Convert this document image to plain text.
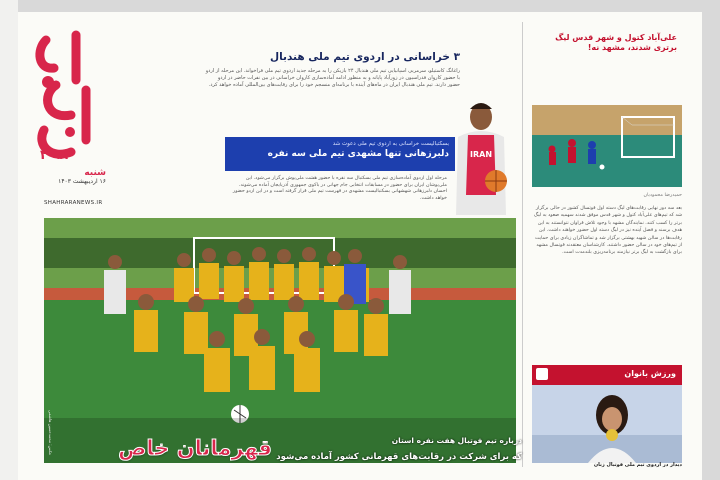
۲۰۵۳
شنبه
۱۶ اردیبهشت ۱۴۰۳
SHAHRARANEWS.IR
۳ خراسانی در اردوی تیم ملی هندبال
راغانگ کاستیلو، سرمربی اسپانیایی تیم ملی هندبال ۲۴ بازیکن را به مرحله جدید اردوی تیم ملی فراخواند. این مرحله از اردو با حضور کاروان فدراسیون در زورآباد پایانه و به منظور ادامه آماده‌سازی کاروان خراسانی در بین نفرات حاضر در اردو حضور دارند. تیم ملی هندبال ایران در ماه‌های آینده با برنامه‌ای منسجم خود را برای رقابت‌های بین‌المللی آماده خواهد کرد.
IRAN
بسکتبالیست خراسانی به اردوی تیم ملی دعوت شد
دلبرزهانی تنها مشهدی تیم ملی سه نفره
مرحله اول اردوی آماده‌سازی تیم ملی بسکتبال سه نفره با حضور هشت ملی‌پوش برگزار می‌شود. این ملی‌پوشان ایران برای حضور در مسابقات انتخابی جام جهانی در باکوی جمهوری آذربایجان آماده می‌شوند. احسان دلبرزهانی شهشهانی بسکتبالیست مشهدی در فهرست تیم ملی قرار گرفته است و در این اردو حضور خواهد داشت.
علی‌آباد کتول و شهر قدس لیگ برتری شدند، مشهد نه!
حمیدرضا محمودیان
بعد سه دور نهایی رقابت‌های لیگ دسته اول فوتسال کشور در حالی برگزار شد که تیم‌های علی‌آباد کتول و شهر قدس موفق شدند سهمیه صعود به لیگ برتر را کسب کنند. نمایندگان مشهد با وجود تلاش فراوان نتوانستند به این هدف برسند و فصل آینده نیز در لیگ دسته اول حضور خواهند داشت. این رقابت‌ها در سالن شهید بهشتی برگزار شد و تماشاگران زیادی برای حمایت از تیم‌های خود در سالن حضور داشتند. کارشناسان معتقدند فوتسال مشهد برای بازگشت به لیگ برتر نیازمند برنامه‌ریزی بلندمدت است.
ورزش بانوان
دیدار در اردوی تیم ملی فوتبال زنان
عکس: محمدحسین هاشمی	درباره تیم فوتبال هفت نفره استان
که برای شرکت در رقابت‌های قهرمانی کشور آماده می‌شود
قهرمانان خاص
